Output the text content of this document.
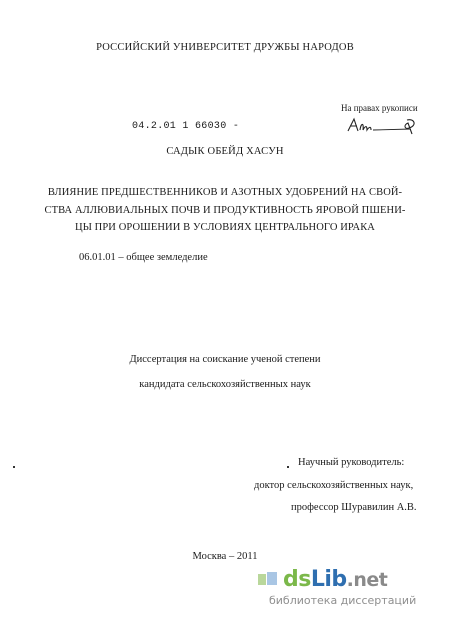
РОССИЙСКИЙ УНИВЕРСИТЕТ ДРУЖБЫ НАРОДОВ
На правах рукописи
04.2.01 1 66030 -
САДЫК ОБЕЙД ХАСУН
ВЛИЯНИЕ ПРЕДШЕСТВЕННИКОВ И АЗОТНЫХ УДОБРЕНИЙ НА СВОЙ-
СТВА АЛЛЮВИАЛЬНЫХ ПОЧВ И ПРОДУКТИВНОСТЬ ЯРОВОЙ ПШЕНИ-
ЦЫ ПРИ ОРОШЕНИИ В УСЛОВИЯХ ЦЕНТРАЛЬНОГО ИРАКА
06.01.01 – общее земледелие
Диссертация на соискание ученой степени
кандидата сельскохозяйственных наук
Научный руководитель:
доктор сельскохозяйственных наук,
профессор Шуравилин А.В.
Москва – 2011
dsLib.net
библиотека диссертаций
